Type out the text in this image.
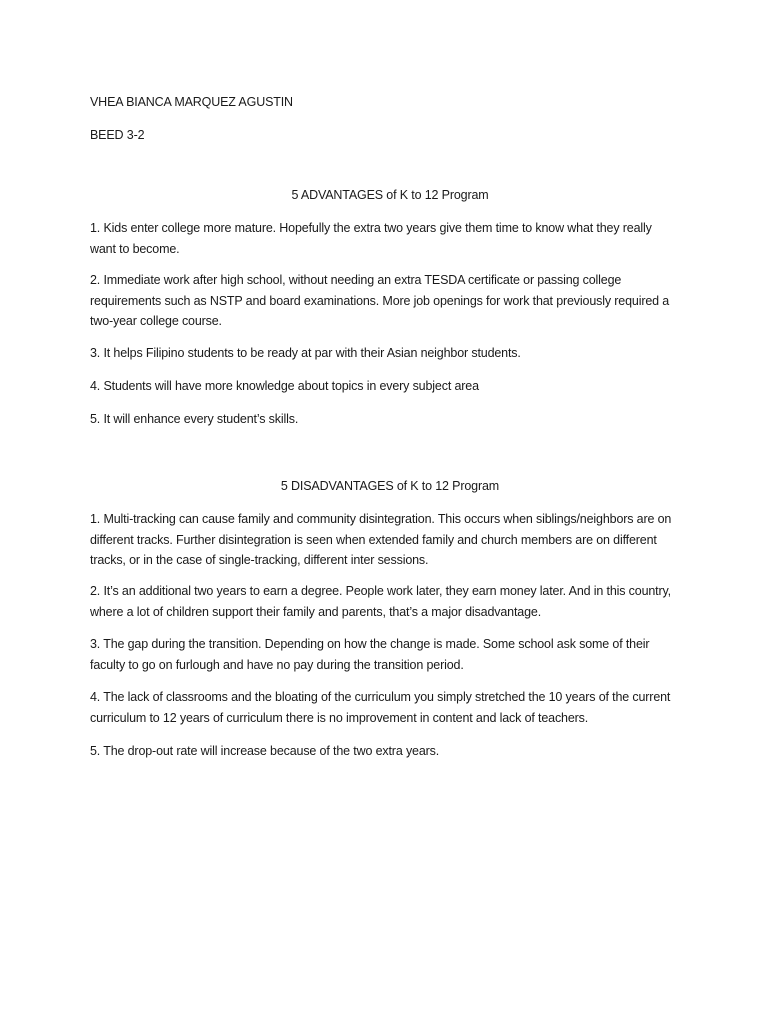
VHEA BIANCA MARQUEZ AGUSTIN
BEED 3-2
5 ADVANTAGES of K to 12 Program

1. Kids enter college more mature. Hopefully the extra two years give them time to know what they really want to become.

2. Immediate work after high school, without needing an extra TESDA certificate or passing college requirements such as NSTP and board examinations. More job openings for work that previously required a two-year college course.

3. It helps Filipino students to be ready at par with their Asian neighbor students.

4. Students will have more knowledge about topics in every subject area

5. It will enhance every student’s skills.

5 DISADVANTAGES of K to 12 Program

1. Multi-tracking can cause family and community disintegration. This occurs when siblings/neighbors are on different tracks. Further disintegration is seen when extended family and church members are on different tracks, or in the case of single-tracking, different inter sessions.

2. It’s an additional two years to earn a degree. People work later, they earn money later. And in this country, where a lot of children support their family and parents, that’s a major disadvantage.

3. The gap during the transition. Depending on how the change is made. Some school ask some of their faculty to go on furlough and have no pay during the transition period.

4. The lack of classrooms and the bloating of the curriculum you simply stretched the 10 years of the current curriculum to 12 years of curriculum there is no improvement in content and lack of teachers.

5. The drop-out rate will increase because of the two extra years.
